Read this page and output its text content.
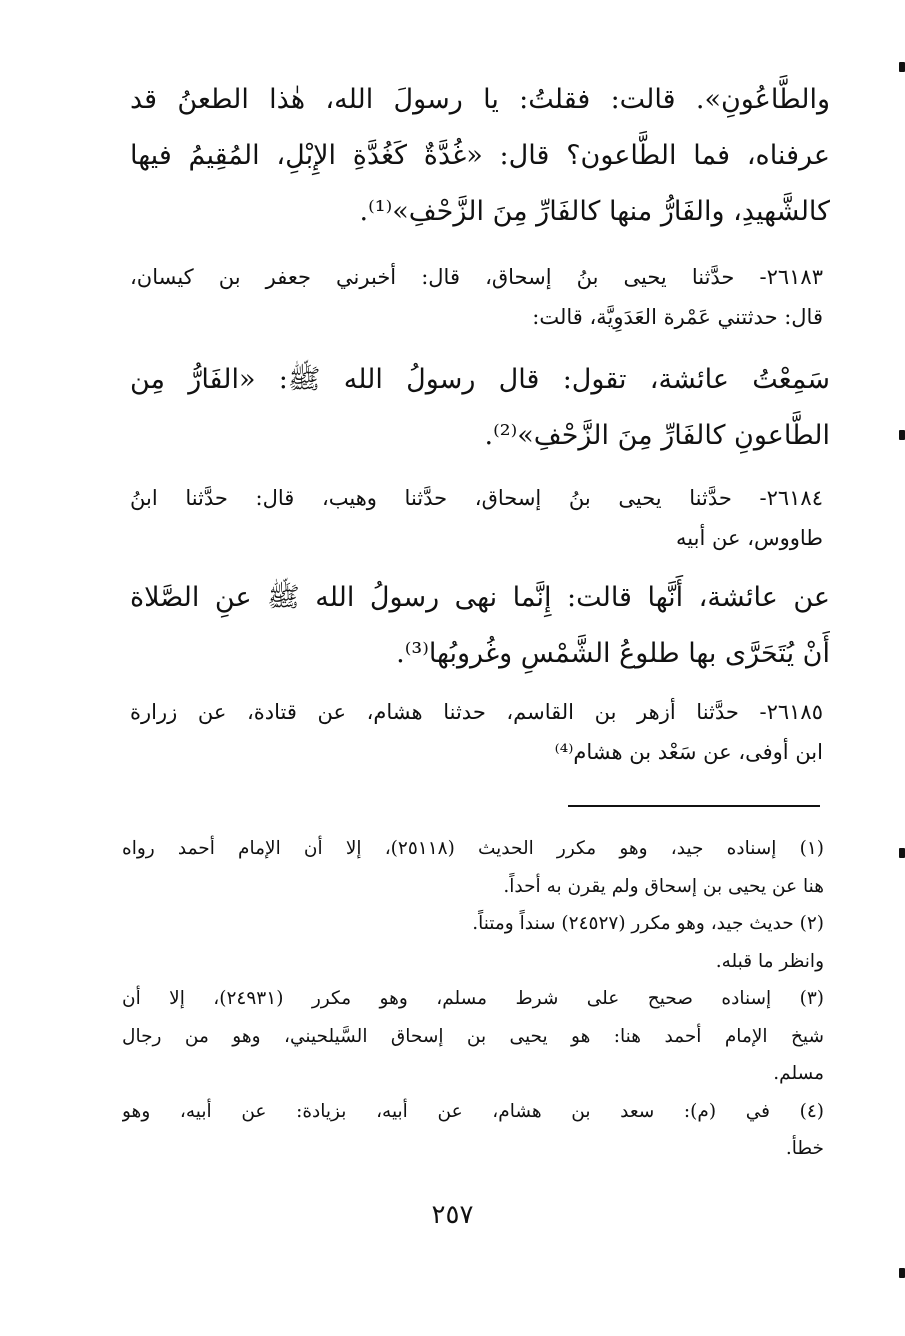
والطَّاعُونِ». قالت: فقلتُ: يا رسولَ الله، هٰذا الطعنُ قد
عرفناه، فما الطَّاعون؟ قال: «غُدَّةٌ كَغُدَّةِ الإِبْلِ، المُقِيمُ فيها
كالشَّهيدِ، والفَارُّ منها كالفَارِّ مِنَ الزَّحْفِ»⁽¹⁾.
٢٦١٨٣- حدَّثنا يحيى بنُ إسحاق، قال: أخبرني جعفر بن كيسان،
قال: حدثتني عَمْرة العَدَوِيَّة، قالت:
سَمِعْتُ عائشة، تقول: قال رسولُ الله ﷺ: «الفَارُّ مِن
الطَّاعونِ كالفَارِّ مِنَ الزَّحْفِ»⁽²⁾.
٢٦١٨٤- حدَّثنا يحيى بنُ إسحاق، حدَّثنا وهيب، قال: حدَّثنا ابنُ
طاووس، عن أبيه
عن عائشة، أَنَّها قالت: إِنَّما نهى رسولُ الله ﷺ عنِ الصَّلاة
أَنْ يُتَحَرَّى بها طلوعُ الشَّمْسِ وغُروبُها⁽³⁾.
٢٦١٨٥- حدَّثنا أزهر بن القاسم، حدثنا هشام، عن قتادة، عن زرارة
ابن أوفى، عن سَعْد بن هشام⁽⁴⁾
(١) إسناده جيد، وهو مكرر الحديث (٢٥١١٨)، إلا أن الإمام أحمد رواه
هنا عن يحيى بن إسحاق ولم يقرن به أحداً.
(٢) حديث جيد، وهو مكرر (٢٤٥٢٧) سنداً ومتناً.
وانظر ما قبله.
(٣) إسناده صحيح على شرط مسلم، وهو مكرر (٢٤٩٣١)، إلا أن
شيخ الإمام أحمد هنا: هو يحيى بن إسحاق السَّيلحيني، وهو من رجال
مسلم.
(٤) في (م): سعد بن هشام، عن أبيه، بزيادة: عن أبيه، وهو
خطأ.
٢٥٧
